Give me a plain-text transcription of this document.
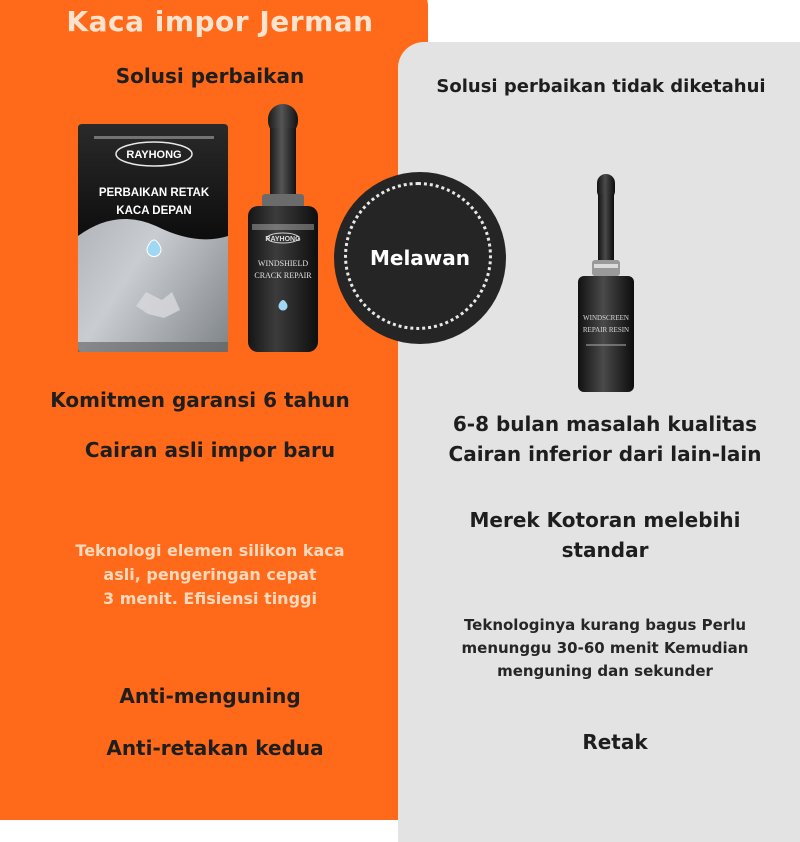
Kaca impor Jerman
Solusi perbaikan
RAYHONG
PERBAIKAN RETAK
KACA DEPAN
RAYHONG
WINDSHIELD
CRACK REPAIR
Komitmen garansi 6 tahun
Cairan asli impor baru
Teknologi elemen silikon kaca
asli, pengeringan cepat
3 menit. Efisiensi tinggi
Anti-menguning
Anti-retakan kedua
Solusi perbaikan tidak diketahui
WINDSCREEN
REPAIR RESIN
6-8 bulan masalah kualitas
Cairan inferior dari lain-lain
Merek Kotoran melebihi
standar
Teknologinya kurang bagus Perlu
menunggu 30-60 menit Kemudian
menguning dan sekunder
Retak
Melawan
